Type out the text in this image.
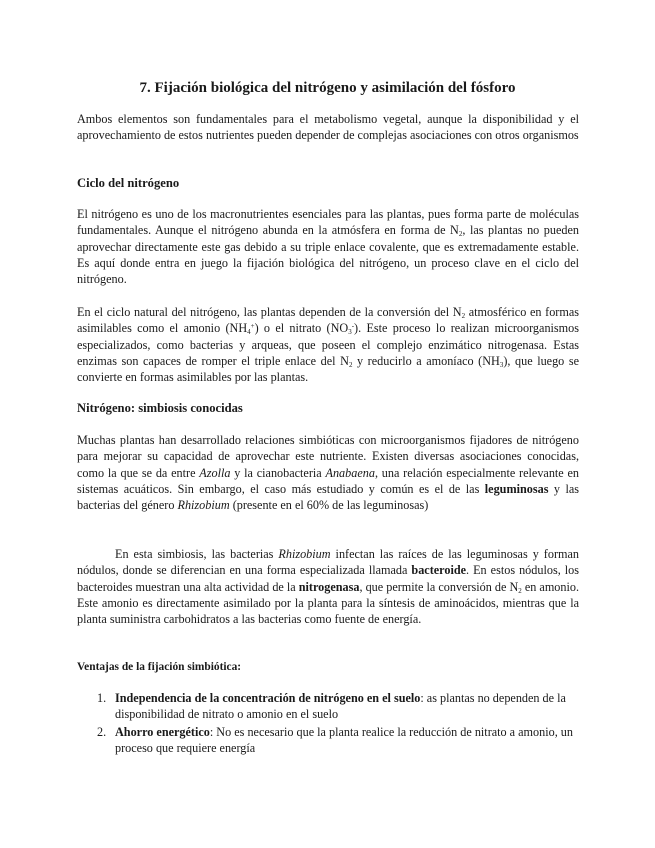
7. Fijación biológica del nitrógeno y asimilación del fósforo
Ambos elementos son fundamentales para el metabolismo vegetal, aunque la disponibilidad y el aprovechamiento de estos nutrientes pueden depender de complejas asociaciones con otros organismos
Ciclo del nitrógeno
El nitrógeno es uno de los macronutrientes esenciales para las plantas, pues forma parte de moléculas fundamentales. Aunque el nitrógeno abunda en la atmósfera en forma de $N_2$, las plantas no pueden aprovechar directamente este gas debido a su triple enlace covalente, que es extremadamente estable. Es aquí donde entra en juego la fijación biológica del nitrógeno, un proceso clave en el ciclo del nitrógeno.
En el ciclo natural del nitrógeno, las plantas dependen de la conversión del $N_2$ atmosférico en formas asimilables como el amonio $(NH_4^+)$ o el nitrato $(NO_3^-)$. Este proceso lo realizan microorganismos especializados, como bacterias y arqueas, que poseen el complejo enzimático nitrogenasa. Estas enzimas son capaces de romper el triple enlace del $N_2$ y reducirlo a amoníaco $(NH_3)$, que luego se convierte en formas asimilables por las plantas.
Nitrógeno: simbiosis conocidas
Muchas plantas han desarrollado relaciones simbióticas con microorganismos fijadores de nitrógeno para mejorar su capacidad de aprovechar este nutriente. Existen diversas asociaciones conocidas, como la que se da entre Azolla y la cianobacteria Anabaena, una relación especialmente relevante en sistemas acuáticos. Sin embargo, el caso más estudiado y común es el de las leguminosas y las bacterias del género Rhizobium (presente en el 60% de las leguminosas)
En esta simbiosis, las bacterias Rhizobium infectan las raíces de las leguminosas y forman nódulos, donde se diferencian en una forma especializada llamada bacteroide. En estos nódulos, los bacteroides muestran una alta actividad de la nitrogenasa, que permite la conversión de $N_2$ en amonio. Este amonio es directamente asimilado por la planta para la síntesis de aminoácidos, mientras que la planta suministra carbohidratos a las bacterias como fuente de energía.
Ventajas de la fijación simbiótica:
1. Independencia de la concentración de nitrógeno en el suelo: as plantas no dependen de la disponibilidad de nitrato o amonio en el suelo
2. Ahorro energético: No es necesario que la planta realice la reducción de nitrato a amonio, un proceso que requiere energía
